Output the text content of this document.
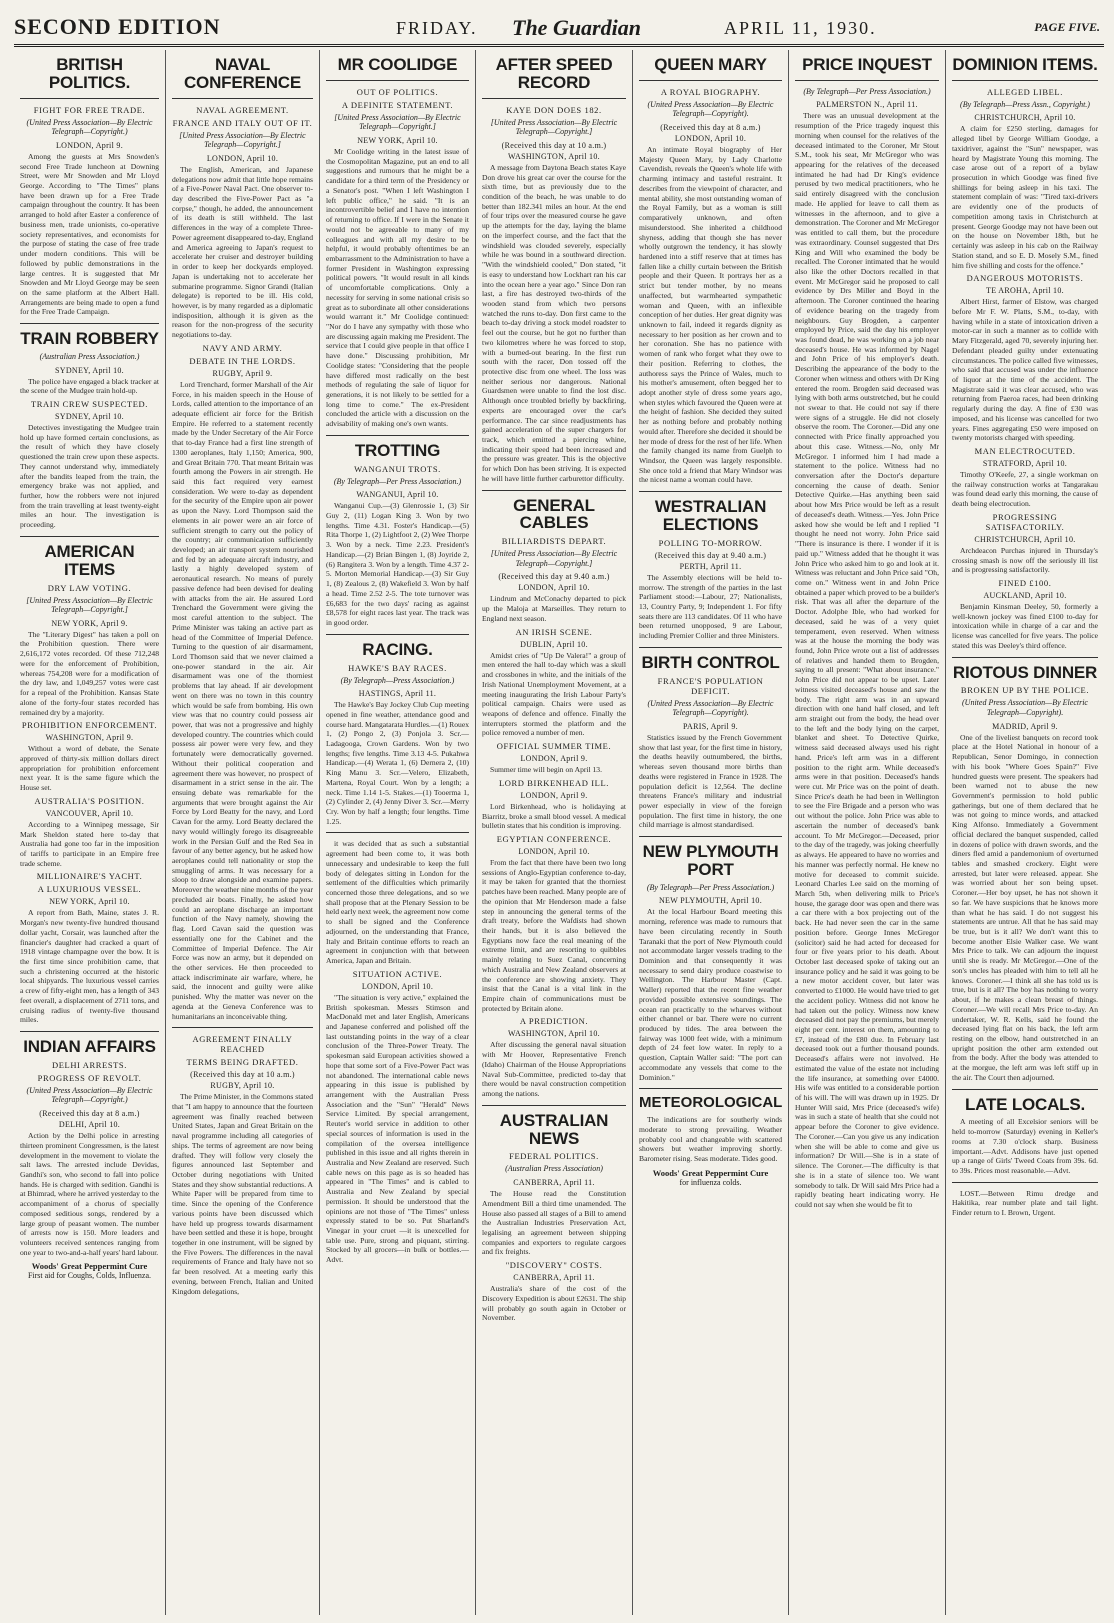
SECOND EDITION	FRIDAY. The Guardian	APRIL 11, 1930.	PAGE FIVE.
BRITISH POLITICS.
FIGHT FOR FREE TRADE.
(United Press Association—By Electric Telegraph—Copyright.)
LONDON, April 9.

Among the guests at Mrs Snowden's second Free Trade luncheon at Downing Street, were Mr Snowden and Mr Lloyd George. According to "The Times" plans have been drawn up for a Free Trade campaign throughout the country. It has been arranged to hold after Easter a conference of business men, trade unionists, co-operative society representatives, and economists for the purpose of stating the case of free trade under modern conditions. This will be followed by public demonstrations in the large centres. It is suggested that Mr Snowden and Mr Lloyd George may be seen on the same platform at the Albert Hall. Arrangements are being made to open a fund for the Free Trade Campaign.

TRAIN ROBBERY
(Australian Press Association.)
SYDNEY, April 10.

The police have engaged a black tracker at the scene of the Mudgee train hold-up.

TRAIN CREW SUSPECTED.
SYDNEY, April 10.

Detectives investigating the Mudgee train hold up have formed certain conclusions, as the result of which they have closely questioned the train crew upon these aspects. They cannot understand why, immediately after the bandits leaped from the train, the emergency brake was not applied, and further, how the robbers were not injured from the train travelling at least twenty-eight miles an hour. The investigation is proceeding.

AMERICAN ITEMS
DRY LAW VOTING.
[United Press Association—By Electric Telegraph—Copyright.]
NEW YORK, April 9.

The "Literary Digest" has taken a poll on the Prohibition question. There were 2,616,172 votes recorded. Of these 712,248 were for the enforcement of Prohibition, whereas 754,208 were for a modification of the dry law, and 1,049,257 votes were cast for a repeal of the Prohibition. Kansas State alone of the forty-four states recorded has remained dry by a majority.

PROHIBITION ENFORCEMENT.
WASHINGTON, April 9.

Without a word of debate, the Senate approved of thirty-six million dollars direct appropriation for prohibition enforcement next year. It is the same figure which the House set.

AUSTRALIA'S POSITION.
VANCOUVER, April 10.

According to a Winnipeg message, Sir Mark Sheldon stated here to-day that Australia had gone too far in the imposition of tariffs to participate in an Empire free trade scheme.

MILLIONAIRE'S YACHT.
A LUXURIOUS VESSEL.
NEW YORK, April 10.

A report from Bath, Maine, states J. R. Morgan's new twenty-five hundred thousand dollar yacht, Corsair, was launched after the financier's daughter had cracked a quart of 1918 vintage champagne over the bow. It is the first time since prohibition came, that such a christening occurred at the historic local shipyards. The luxurious vessel carries a crew of fifty-eight men, has a length of 343 feet overall, a displacement of 2711 tons, and cruising radius of twenty-five thousand miles.

INDIAN AFFAIRS
DELHI ARRESTS.
PROGRESS OF REVOLT.
(United Press Association—By Electric Telegraph—Copyright.)
(Received this day at 8 a.m.)
DELHI, April 10.

Action by the Delhi police in arresting thirteen prominent Congressmen, is the latest development in the movement to violate the salt laws. The arrested include Devidas, Gandhi's son, who second to fall into police hands. He is charged with sedition. Gandhi is at Bhimrad, where he arrived yesterday to the accompaniment of a chorus of specially composed seditious songs, rendered by a large group of peasant women. The number of arrests now is 150. More leaders and volunteers received sentences ranging from one year to two-and-a-half years' hard labour.

Woods' Great Peppermint Cure
First aid for Coughs, Colds, Influenza.
NAVAL CONFERENCE
NAVAL AGREEMENT.
FRANCE AND ITALY OUT OF IT.
[United Press Association—By Electric Telegraph—Copyright.]
LONDON, April 10.

The English, American, and Japanese delegations now admit that little hope remains of a Five-Power Naval Pact. One observer to-day described the Five-Power Pact as "a corpse," though, he added, the announcement of its death is still withheld. The last differences in the way of a complete Three-Power agreement disappeared to-day, England and America agreeing to Japan's request to accelerate her cruiser and destroyer building in order to keep her dockyards employed. Japan is undertaking not to accelerate her submarine programme. Signor Grandi (Italian delegate) is reported to be ill. His cold, however, is by many regarded as a diplomatic indisposition, although it is given as the reason for the non-progress of the security negotiations to-day.

NAVY AND ARMY.
DEBATE IN THE LORDS.
RUGBY, April 9.

Lord Trenchard, former Marshall of the Air Force, in his maiden speech in the House of Lords, called attention to the importance of an adequate efficient air force for the British Empire. He referred to a statement recently made by the Under Secretary of the Air Force that to-day France had a first line strength of 1300 aeroplanes, Italy 1,150; America, 900, and Great Britain 770. That meant Britain was fourth among the Powers in air strength. He said this fact required very earnest consideration. We were to-day as dependent for the security of the Empire upon air power as upon the Navy. Lord Thompson said the elements in air power were an air force of sufficient strength to carry out the policy of the country; air communication sufficiently developed; an air transport system nourished and fed by an adequate aircraft industry, and lastly a highly developed system of aeronautical research. No means of purely passive defence had been devised for dealing with attacks from the air. He assured Lord Trenchard the Government were giving the most careful attention to the subject. The Prime Minister was taking an active part as head of the Committee of Imperial Defence. Turning to the question of air disarmament, Lord Thomson said that we never claimed a one-power standard in the air. Air disarmament was one of the thorniest problems that lay ahead. If air development went on there was no town in this country which would be safe from bombing. His own view was that no country could possess air power, that was not a progressive and highly developed country. The countries which could possess air power were very few, and they fortunately were democratically governed. Without their political cooperation and agreement there was however, no prospect of disarmament in a strict sense in the air. The ensuing debate was remarkable for the arguments that were brought against the Air Force by Lord Beatty for the navy, and Lord Cavan for the army. Lord Beatty declared the navy would willingly forego its disagreeable work in the Persian Gulf and the Red Sea in favour of any better agency, but he asked how aeroplanes could tell nationality or stop the smuggling of arms. It was necessary for a sloop to draw alongside and examine papers. Moreover the weather nine months of the year precluded air boats. Finally, he asked how could an aeroplane discharge an important function of the Navy namely, showing the flag. Lord Cavan said the question was essentially one for the Cabinet and the Committee of Imperial Defence. The Air Force was now an army, but it depended on the other services. He then proceeded to attack indiscriminate air warfare, where, he said, the innocent and guilty were alike punished. Why the matter was never on the agenda at the Geneva Conference was to humanitarians an inconceivable thing.

AGREEMENT FINALLY REACHED
TERMS BEING DRAFTED.
(Received this day at 10 a.m.)
RUGBY, April 10.

The Prime Minister, in the Commons stated that "I am happy to announce that the fourteen agreement was finally reached between United States, Japan and Great Britain on the naval programme including all categories of ships. The terms of agreement are now being drafted. They will follow very closely the figures announced last September and October during negotiations with United States and they show substantial reductions. A White Paper will be prepared from time to time. Since the opening of the Conference various points have been discussed which have held up progress towards disarmament have been settled and these it is hope, brought together in one instrument, will be signed by the Five Powers. The differences in the naval requirements of France and Italy have not so far been resolved. At a meeting early this evening, between French, Italian and United Kingdom delegations,

MR COOLIDGE
OUT OF POLITICS.
A DEFINITE STATEMENT.
[United Press Association—By Electric Telegraph—Copyright.]
NEW YORK, April 10.

Mr Coolidge writing in the latest issue of the Cosmopolitan Magazine, put an end to all suggestions and rumours that he might be a candidate for a third term of the Presidency or a Senator's post. "When I left Washington I left public office," he said. "It is an incontrovertible belief and I have no intention of returning to office. If I were in the Senate it would not be agreeable to many of my colleagues and with all my desire to be helpful, it would probably oftentimes be an embarrassment to the Administration to have a former President in Washington expressing political powers. "It would result in all kinds of uncomfortable complications. Only a necessity for serving in some national crisis so great as to subordinate all other considerations would warrant it." Mr Coolidge continued: "Nor do I have any sympathy with those who are discussing again making me President. The service that I could give people in that office I have done." Discussing prohibition, Mr Coolidge states: "Considering that the people have differed most radically on the best methods of regulating the sale of liquor for generations, it is not likely to be settled for a long time to come." The ex-President concluded the article with a discussion on the advisability of making one's own wants.

TROTTING
WANGANUI TROTS.
(By Telegraph—Per Press Association.)
WANGANUI, April 10.

Wanganui Cup.—(3) Glenrossie 1, (3) Sir Guy 2, (11) Logan King 3. Won by two lengths. Time 4.31. Foster's Handicap.—(5) Rita Thorpe 1, (2) Lightfoot 2, (2) Wee Thorpe 3. Won by a neck. Time 2.23. President's Handicap.—(2) Brian Bingen 1, (8) Joyride 2, (6) Rangitera 3. Won by a length. Time 4.37 2-5. Morton Memorial Handicap.—(3) Sir Guy 1, (8) Zealous 2, (8) Wakefield 3. Won by half a head. Time 2.52 2-5. The tote turnover was £6,683 for the two days' racing as against £8,578 for eight races last year. The track was in good order.

RACING.
HAWKE'S BAY RACES.
(By Telegraph—Press Association.)
HASTINGS, April 11.

The Hawke's Bay Jockey Club Cup meeting opened in fine weather, attendance good and course hard. Mangatarata Hurdles.—(1) Rouex 1, (2) Pongo 2, (3) Ponjola 3. Scr.—Ladagooga, Crown Gardens. Won by two lengths; five lengths. Time 3.13 4-5. Pukahwa Handicap.—(4) Werata 1, (6) Dernera 2, (10) King Manu 3. Scr.—Velero, Elizabeth, Martena, Royal Court. Won by a length; a neck. Time 1.14 1-5. Stakes.—(1) Tooerma 1, (2) Cylinder 2, (4) Jenny Diver 3. Scr.—Merry Cry. Won by half a length; four lengths. Time 1.25.

it was decided that as such a substantial agreement had been come to, it was both unnecessary and undesirable to keep the full body of delegates sitting in London for the settlement of the difficulties which primarily concerned those three delegations, and so we shall propose that at the Plenary Session to be held early next week, the agreement now come to shall be signed and the Conference adjourned, on the understanding that France, Italy and Britain continue efforts to reach an agreement in conjunction with that between America, Japan and Britain.

SITUATION ACTIVE.
LONDON, April 10.

"The situation is very active," explained the British spokesman. Messrs Stimson and MacDonald met and later English, Americans and Japanese conferred and polished off the last outstanding points in the way of a clear conclusion of the Three-Power Treaty. The spokesman said European activities showed a hope that some sort of a Five-Power Pact was not abandoned. The international cable news appearing in this issue is published by arrangement with the Australian Press Association and the "Sun" "Herald" News Service Limited. By special arrangement, Reuter's world service in addition to other special sources of information is used in the compilation of the oversea intelligence published in this issue and all rights therein in Australia and New Zealand are reserved. Such cable news on this page as is so headed has appeared in "The Times" and is cabled to Australia and New Zealand by special permission. It should be understood that the opinions are not those of "The Times" unless expressly stated to be so. Put Sharland's Vinegar in your cruet —it is unexcelled for table use. Pure, strong and piquant, stirring. Stocked by all grocers—in bulk or bottles.—Advt.

AFTER SPEED RECORD
KAYE DON DOES 182.
[United Press Association—By Electric Telegraph—Copyright.]
(Received this day at 10 a.m.)
WASHINGTON, April 10.

A message from Daytona Beach states Kaye Don drove his great car over the course for the sixth time, but as previously due to the condition of the beach, he was unable to do better than 182.341 miles an hour. At the end of four trips over the measured course he gave up the attempts for the day, laying the blame on the imperfect course, and the fact that the windshield was clouded severely, especially while he was bound in a southward direction. "With the windshield cooled," Don stated, "it is easy to understand how Lockhart ran his car into the ocean here a year ago." Since Don ran last, a fire has destroyed two-thirds of the wooden stand from which two persons watched the runs to-day. Don first came to the beach to-day driving a stock model roadster to feel out the course, but he got no further than two kilometres where he was forced to stop, with a burned-out bearing. In the first run south with the racer, Don tossed off the protective disc from one wheel. The loss was neither serious nor dangerous. National Guardsmen were unable to find the lost disc. Although once troubled briefly by backfiring, experts are encouraged over the car's performance. The car since readjustments has gained acceleration of the super chargers for track, which emitted a piercing whine, indicating their speed had been increased and the pressure was greater. This is the objective for which Don has been striving. It is expected he will have little further carburettor difficulty.

GENERAL CABLES
BILLIARDISTS DEPART.
[United Press Association—By Electric Telegraph—Copyright.]
(Received this day at 9.40 a.m.)
LONDON, April 10.

Lindrum and McConachy departed to pick up the Maloja at Marseilles. They return to England next season.

AN IRISH SCENE.
DUBLIN, April 10.

Amidst cries of "Up De Valera!" a group of men entered the hall to-day which was a skull and crossbones in white, and the initials of the Irish National Unemployment Movement, at a meeting inaugurating the Irish Labour Party's political campaign. Chairs were used as weapons of defence and offence. Finally the interrupters stormed the platform and the police removed a number of men.

OFFICIAL SUMMER TIME.
LONDON, April 9.

Summer time will begin on April 13.

LORD BIRKENHEAD ILL.
LONDON, April 9.

Lord Birkenhead, who is holidaying at Biarritz, broke a small blood vessel. A medical bulletin states that his condition is improving.

EGYPTIAN CONFERENCE.
LONDON, April 10.

From the fact that there have been two long sessions of Anglo-Egyptian conference to-day, it may be taken for granted that the thorniest patches have been reached. Many people are of the opinion that Mr Henderson made a false step in announcing the general terms of the draft treaty, before the Wafdists had shown their hands, but it is also believed the Egyptians now face the real meaning of the extreme limit, and are resorting to quibbles mainly relating to Suez Canal, concerning which Australia and New Zealand observers at the conference are showing anxiety. They insist that the Canal is a vital link in the Empire chain of communications must be protected by Britain alone.

A PREDICTION.
WASHINGTON, April 10.

After discussing the general naval situation with Mr Hoover, Representative French (Idaho) Chairman of the House Appropriations Naval Sub-Committee, predicted to-day that there would be naval construction competition among the nations.

AUSTRALIAN NEWS
FEDERAL POLITICS.
(Australian Press Association)
CANBERRA, April 11.

The House read the Constitution Amendment Bill a third time unamended. The House also passed all stages of a Bill to amend the Australian Industries Preservation Act, legalising an agreement between shipping companies and exporters to regulate cargoes and fix freights.

"DISCOVERY" COSTS.
CANBERRA, April 11.

Australia's share of the cost of the Discovery Expedition is about £2631. The ship will probably go south again in October or November.

QUEEN MARY
A ROYAL BIOGRAPHY.
(United Press Association—By Electric Telegraph—Copyright).
(Received this day at 8 a.m.)
LONDON, April 10.

An intimate Royal biography of Her Majesty Queen Mary, by Lady Charlotte Cavendish, reveals the Queen's whole life with charming intimacy and tasteful restraint. It describes from the viewpoint of character, and mental ability, she most outstanding woman of the Royal Family, but as a woman is still comparatively unknown, and often misunderstood. She inherited a childhood shyness, adding that though she has never wholly outgrown the tendency, it has slowly hardened into a stiff reserve that at times has fallen like a chilly curtain between the British people and their Queen. It portrays her as a strict but tender mother, by no means unaffected, but warmhearted sympathetic woman and Queen, with an inflexible conception of her duties. Her great dignity was unknown to fail, indeed it regards dignity as necessary to her position as her crown and to her coronation. She has no patience with women of rank who forget what they owe to their position. Referring to clothes, the authoress says the Prince of Wales, much to his mother's amusement, often begged her to adopt another style of dress some years ago, when styles which favoured the Queen were at the height of fashion. She decided they suited her as nothing before and probably nothing would after. Therefore she decided it should be her mode of dress for the rest of her life. When the family changed its name from Guelph to Windsor, the Queen was largely responsible. She once told a friend that Mary Windsor was the nicest name a woman could have.

WESTRALIAN ELECTIONS
POLLING TO-MORROW.
(Received this day at 9.40 a.m.)
PERTH, April 11.

The Assembly elections will be held to-morrow. The strength of the parties in the last Parliament stood:—Labour, 27; Nationalists, 13, Country Party, 9; Independent 1. For fifty seats there are 113 candidates. Of 11 who have been returned unopposed, 9 are Labour, including Premier Collier and three Ministers.

BIRTH CONTROL
FRANCE'S POPULATION DEFICIT.
(United Press Association—By Electric Telegraph—Copyright).
PARIS, April 9.

Statistics issued by the French Government show that last year, for the first time in history, the deaths heavily outnumbered, the births, whereas seven thousand more births than deaths were registered in France in 1928. The population deficit is 12,564. The decline threatens France's military and industrial power especially in view of the foreign population. The first time in history, the one child marriage is almost standardised.

NEW PLYMOUTH PORT
(By Telegraph—Per Press Association.)
NEW PLYMOUTH, April 10.

At the local Harbour Board meeting this morning, reference was made to rumours that have been circulating recently in South Taranaki that the port of New Plymouth could not accommodate larger vessels trading to the Dominion and that consequently it was necessary to send dairy produce coastwise to Wellington. The Harbour Master (Capt. Waller) reported that the recent fine weather provided possible extensive soundings. The ocean ran practically to the wharves without either channel or bar. There were no current produced by tides. The area between the fairway was 1000 feet wide, with a minimum depth of 24 feet low water. In reply to a question, Captain Waller said: "The port can accommodate any vessels that come to the Dominion."

METEOROLOGICAL

The indications are for southerly winds moderate to strong prevailing. Weather probably cool and changeable with scattered showers but weather improving shortly. Barometer rising. Seas moderate. Tides good.

Woods' Great Peppermint Cure
for influenza colds.
PRICE INQUEST
(By Telegraph—Per Press Association.)
PALMERSTON N., April 11.

There was an unusual development at the resumption of the Price tragedy inquest this morning when counsel for the relatives of the deceased intimated to the Coroner, Mr Stout S.M., took his seat, Mr McGregor who was appearing for the relatives of the deceased intimated he had had Dr King's evidence perused by two medical practitioners, who he said entirely disagreed with the conclusion made. He applied for leave to call them as witnesses in the afternoon, and to give a demonstration. The Coroner and Mr McGregor was entitled to call them, but the procedure was extraordinary. Counsel suggested that Drs King and Will who examined the body be recalled. The Coroner intimated that he would also like the other Doctors recalled in that event. Mr McGregor said he proposed to call evidence by Drs Miller and Boyd in the afternoon. The Coroner continued the hearing of evidence bearing on the tragedy from neighbours. Guy Brogden, a carpenter employed by Price, said the day his employer was found dead, he was working on a job near deceased's house. He was informed by Nagel and John Price of his employer's death. Describing the appearance of the body to the Coroner when witness and others with Dr King entered the room. Brogden said deceased was lying with both arms outstretched, but he could not swear to that. He could not say if there were signs of a struggle. He did not closely observe the room. The Coroner.—Did any one connected with Price finally approached you about this case. Witness.—No, only Mr McGregor. I informed him I had made a statement to the police. Witness had no conversation after the Doctor's departure concerning the cause of death. Senior Detective Quirke.—Has anything been said about how Mrs Price would be left as a result of deceased's death. Witness.—Yes. John Price asked how she would be left and I replied "I thought he need not worry. John Price said "There is insurance is there. I wonder if it is paid up." Witness added that he thought it was John Price who asked him to go and look at it. Witness was reluctant and John Price said "Oh, come on." Witness went in and John Price obtained a paper which proved to be a builder's risk. That was all after the departure of the Doctor. Adolphe Ible, who had worked for deceased, said he was of a very quiet temperament, even reserved. When witness was at the house the morning the body was found, John Price wrote out a list of addresses of relatives and handed them to Brogden, saying to all present: "What about insurance." John Price did not appear to be upset. Later witness visited deceased's house and saw the body. The right arm was in an upward direction with one hand half closed, and left arm straight out from the body, the head over to the left and the body lying on the carpet, blanket and sheet. To Detective Quirke, witness said deceased always used his right hand. Price's left arm was in a different position to the right arm. While deceased's arms were in that position. Deceased's hands were cut. Mr Price was on the point of death. Since Price's death he had been in Wellington to see the Fire Brigade and a person who was out without the police. John Price was able to ascertain the number of deceased's bank account. To Mr McGregor.—Deceased, prior to the day of the tragedy, was joking cheerfully as always. He appeared to have no worries and his manner was perfectly normal. He knew no motive for deceased to commit suicide. Leonard Charles Lee said on the morning of March 5th, when delivering milk to Price's house, the garage door was open and there was a car there with a box projecting out of the back. He had never seen the car in the same position before. George Innes McGregor (solicitor) said he had acted for deceased for four or five years prior to his death. About October last deceased spoke of taking out an insurance policy and he said it was going to be a new motor accident cover, but later was converted to £1000. He would have tried to get the accident policy. Witness did not know he had taken out the policy. Witness now knew deceased did not pay the premiums, but merely eight per cent. interest on them, amounting to £7, instead of the £80 due. In February last deceased took out a further thousand pounds. Deceased's affairs were not involved. He estimated the value of the estate not including the life insurance, at something over £4000. His wife was entitled to a considerable portion of his will. The will was drawn up in 1925. Dr Hunter Will said, Mrs Price (deceased's wife) was in such a state of health that she could not appear before the Coroner to give evidence. The Coroner.—Can you give us any indication when she will be able to come and give us information? Dr Will.—She is in a state of silence. The Coroner.—The difficulty is that she is in a state of silence too. We want somebody to talk. Dr Will said Mrs Price had a rapidly beating heart indicating worry. He could not say when she would be fit to

DOMINION ITEMS.
ALLEGED LIBEL.
(By Telegraph—Press Assn., Copyright.)
CHRISTCHURCH, April 10.

A claim for £250 sterling, damages for alleged libel by George William Goodge, a taxidriver, against the "Sun" newspaper, was heard by Magistrate Young this morning. The case arose out of a report of a bylaw prosecution in which Goodge was fined five shillings for being asleep in his taxi. The statement complain of was: "Tired taxi-drivers are evidently one of the products of competition among taxis in Christchurch at present. George Goodge may not have been out on the house on November 18th, but he certainly was asleep in his cab on the Railway Station stand, and so E. D. Mosely S.M., fined him five shilling and costs for the offence."

DANGEROUS MOTORISTS.
TE AROHA, April 10.

Albert Hirst, farmer of Elstow, was charged before Mr F. W. Platts, S.M., to-day, with having while in a state of intoxication driven a motor-car in such a manner as to collide with Mary Fitzgerald, aged 70, severely injuring her. Defendant pleaded guilty under extenuating circumstances. The police called five witnesses, who said that accused was under the influence of liquor at the time of the accident. The Magistrate said it was clear accused, who was returning from Paeroa races, had been drinking regularly during the day. A fine of £30 was imposed, and his license was cancelled for two years. Fines aggregating £50 were imposed on twenty motorists charged with speeding.

MAN ELECTROCUTED.
STRATFORD, April 10.

Timothy O'Keefe, 27, a single workman on the railway construction works at Tangarakau was found dead early this morning, the cause of death being electrocution.

PROGRESSING SATISFACTORILY.
CHRISTCHURCH, April 10.

Archdeacon Purchas injured in Thursday's crossing smash is now off the seriously ill list and is progressing satisfactorily.

FINED £100.
AUCKLAND, April 10.

Benjamin Kinsman Deeley, 50, formerly a well-known jockey was fined £100 to-day for intoxication while in charge of a car and the license was cancelled for five years. The police stated this was Deeley's third offence.

RIOTOUS DINNER
BROKEN UP BY THE POLICE.
(United Press Association—By Electric Telegraph—Copyright).
MADRID, April 9.

One of the liveliest banquets on record took place at the Hotel National in honour of a Republican, Senor Domingo, in connection with his book "Where Goes Spain?" Five hundred guests were present. The speakers had been warned not to abuse the new Government's permission to hold public gatherings, but one of them declared that he was not going to mince words, and attacked King Alfonso. Immediately a Government official declared the banquet suspended, called in dozens of police with drawn swords, and the diners fled amid a pandemonium of overturned tables and smashed crockery. Eight were arrested, but later were released. appear. She was worried about her son being upset. Coroner.—Her boy upset, he has not shown it so far. We have suspicions that he knows more than what he has said. I do not suggest his statements are untrue. All that he has said may be true, but is it all? We don't want this to become another Elsie Walker case. We want Mrs Price to talk. We can adjourn the inquest until she is ready. Mr McGregor.—One of the son's uncles has pleaded with him to tell all he knows. Coroner.—I think all she has told us is true, but is it all? The boy has nothing to worry about, if he makes a clean breast of things. Coroner.—We will recall Mrs Price to-day. An undertaker, W. R. Kells, said he found the deceased lying flat on his back, the left arm resting on the elbow, hand outstretched in an upright position the other arm extended out from the body. After the body was attended to at the morgue, the left arm was left stiff up in the air. The Court then adjourned.

LATE LOCALS.

A meeting of all Excelsior seniors will be held to-morrow (Saturday) evening in Keller's rooms at 7.30 o'clock sharp. Business important.—Advt. Addisons have just opened up a range of Girls' Tweed Coats from 39s. 6d. to 39s. Prices most reasonable.—Advt.

LOST.—Between Rimu dredge and Hakitika, rear number plate and tail light. Finder return to I. Brown, Urgent.
